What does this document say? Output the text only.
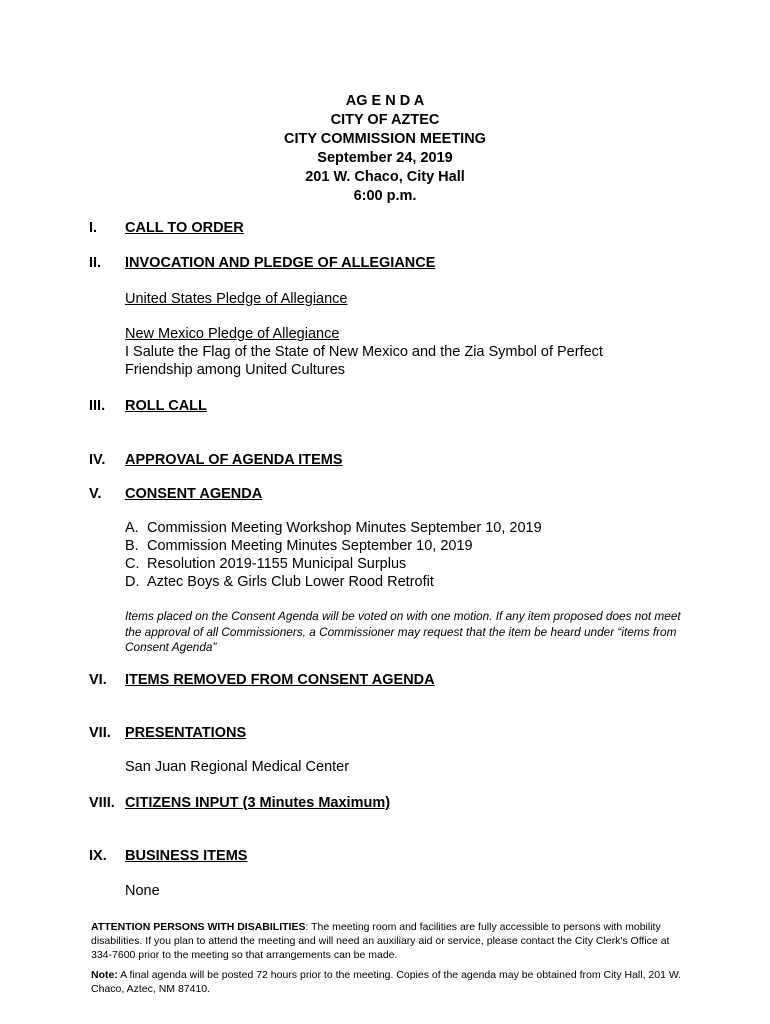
AG E N D A
CITY OF AZTEC
CITY COMMISSION MEETING
September 24, 2019
201 W. Chaco, City Hall
6:00 p.m.
I. CALL TO ORDER
II. INVOCATION AND PLEDGE OF ALLEGIANCE
United States Pledge of Allegiance
New Mexico Pledge of Allegiance
I Salute the Flag of the State of New Mexico and the Zia Symbol of Perfect
Friendship among United Cultures
III. ROLL CALL
IV. APPROVAL OF AGENDA ITEMS
V. CONSENT AGENDA
A. Commission Meeting Workshop Minutes September 10, 2019
B. Commission Meeting Minutes September 10, 2019
C. Resolution 2019-1155 Municipal Surplus
D. Aztec Boys & Girls Club Lower Rood Retrofit
Items placed on the Consent Agenda will be voted on with one motion. If any item proposed does not meet the approval of all Commissioners, a Commissioner may request that the item be heard under “items from Consent Agenda”
VI. ITEMS REMOVED FROM CONSENT AGENDA
VII. PRESENTATIONS
San Juan Regional Medical Center
VIII. CITIZENS INPUT (3 Minutes Maximum)
IX. BUSINESS ITEMS
None
ATTENTION PERSONS WITH DISABILITIES: The meeting room and facilities are fully accessible to persons with mobility disabilities. If you plan to attend the meeting and will need an auxiliary aid or service, please contact the City Clerk's Office at 334-7600 prior to the meeting so that arrangements can be made.
Note: A final agenda will be posted 72 hours prior to the meeting. Copies of the agenda may be obtained from City Hall, 201 W. Chaco, Aztec, NM 87410.
